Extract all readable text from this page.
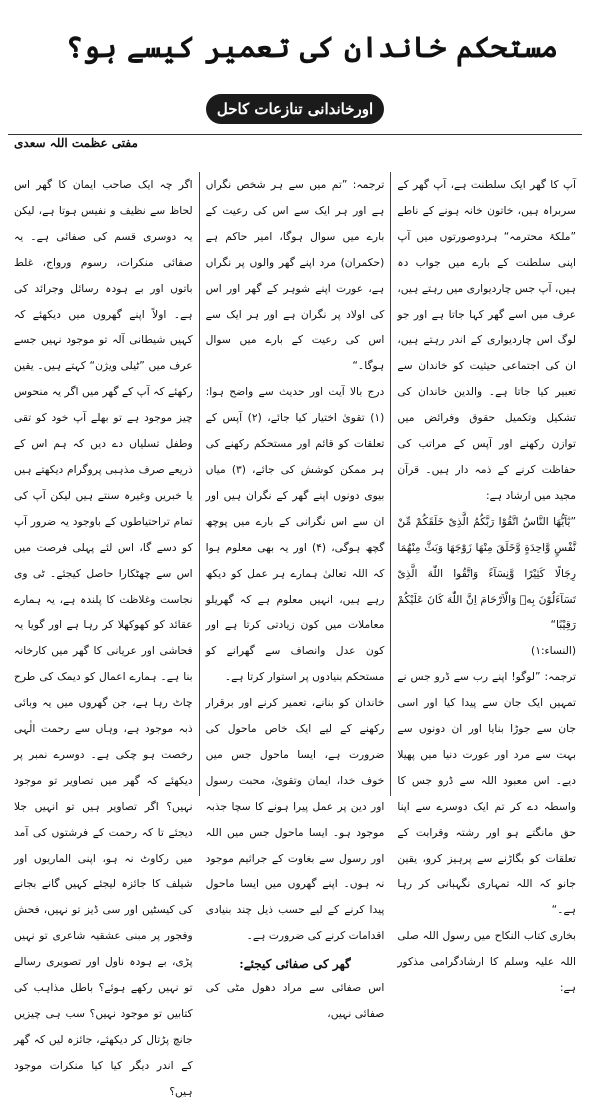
مستحکم خاندان کی تعمیر کیسے ہو؟
اورخاندانی تنازعات کاحل
مفتی عظمت اللہ سعدی

آپ کا گھر ایک سلطنت ہے، آپ گھر کے سربراہ ہیں، خاتون خانہ ہونے کے ناطے ”ملکۂ محترمہ“ ہردوصورتوں میں آپ اپنی سلطنت کے بارے میں جواب دہ ہیں، آپ جس چاردیواری میں رہتے ہیں، عرف میں اسے گھر کہا جاتا ہے اور جو لوگ اس چاردیواری کے اندر رہتے ہیں، ان کی اجتماعی حیثیت کو خاندان سے تعبیر کیا جاتا ہے۔ والدین خاندان کی تشکیل وتکمیل حقوق وفرائض میں توازن رکھنے اور آپس کے مراتب کی حفاظت کرنے کے ذمہ دار ہیں۔ قرآن مجید میں ارشاد ہے:

”یٰٓاَیُّهَا النَّاسُ اتَّقُوْا رَبَّكُمُ الَّذِیْ خَلَقَكُمْ مِّنْ نَّفْسٍ وَّاحِدَةٍ وَّخَلَقَ مِنْهَا زَوْجَهَا وَبَثَّ مِنْهُمَا رِجَالًا كَثِیْرًا وَّنِسَآءً وَاتَّقُوا اللّٰهَ الَّذِیْ تَسَآءَلُوْنَ بِهٖ وَالْاَرْحَامَ اِنَّ اللّٰهَ كَانَ عَلَیْكُمْ رَقِیْبًا“

(النساء:۱)

ترجمہ: ”لوگو! اپنے رب سے ڈرو جس نے تمہیں ایک جان سے پیدا کیا اور اسی جان سے جوڑا بنایا اور ان دونوں سے بہت سے مرد اور عورت دنیا میں پھیلا دیے۔ اس معبود اللہ سے ڈرو جس کا واسطہ دے کر تم ایک دوسرے سے اپنا حق مانگتے ہو اور رشتہ وقرابت کے تعلقات کو بگاڑنے سے پرہیز کرو، یقین جانو کہ اللہ تمہاری نگہبانی کر رہا ہے۔“

بخاری کتاب النکاح میں رسول اللہ صلی اللہ علیہ وسلم کا ارشادگرامی مذکور ہے:

ترجمہ: ”تم میں سے ہر شخص نگراں ہے اور ہر ایک سے اس کی رعیت کے بارے میں سوال ہوگا، امیر حاکم ہے (حکمران) مرد اپنے گھر والوں پر نگراں ہے، عورت اپنے شوہر کے گھر اور اس کی اولاد پر نگران ہے اور ہر ایک سے اس کی رعیت کے بارے میں سوال ہوگا۔“

درج بالا آیت اور حدیث سے واضح ہوا: (۱) تقویٰ اختیار کیا جائے، (۲) آپس کے تعلقات کو قائم اور مستحکم رکھنے کی ہر ممکن کوشش کی جائے، (۳) میاں بیوی دونوں اپنے گھر کے نگران ہیں اور ان سے اس نگرانی کے بارے میں پوچھ گچھ ہوگی، (۴) اور یہ بھی معلوم ہوا کہ اللہ تعالیٰ ہمارے ہر عمل کو دیکھ رہے ہیں، انہیں معلوم ہے کہ گھریلو معاملات میں کون زیادتی کرتا ہے اور کون عدل وانصاف سے گھرانے کو مستحکم بنیادوں پر استوار کرتا ہے۔

خاندان کو بنانے، تعمیر کرنے اور برقرار رکھنے کے لیے ایک خاص ماحول کی ضرورت ہے، ایسا ماحول جس میں خوف خدا، ایمان وتقویٰ، محبت رسول اور دین پر عمل پیرا ہونے کا سچا جذبہ موجود ہو۔ ایسا ماحول جس میں اللہ اور رسول سے بغاوت کے جراثیم موجود نہ ہوں۔ اپنے گھروں میں ایسا ماحول پیدا کرنے کے لیے حسب ذیل چند بنیادی اقدامات کرنے کی ضرورت ہے۔

گھر کی صفائی کیجئے:

اس صفائی سے مراد دھول مٹی کی صفائی نہیں،

اگر چہ ایک صاحب ایمان کا گھر اس لحاظ سے نظیف و نفیس ہوتا ہے، لیکن یہ دوسری قسم کی صفائی ہے۔ یہ صفائی منکرات، رسوم ورواج، غلط باتوں اور بے ہودہ رسائل وجرائد کی ہے۔ اولاً اپنے گھروں میں دیکھئے کہ کہیں شیطانی آلہ تو موجود نہیں جسے عرف میں ”ٹیلی ویژن“ کہتے ہیں۔ یقین رکھئے کہ آپ کے گھر میں اگر یہ منحوس چیز موجود ہے تو بھلے آپ خود کو تقی وطفل تسلیاں دے دیں کہ ہم اس کے ذریعے صرف مذہبی پروگرام دیکھتے ہیں یا خبریں وغیرہ سنتے ہیں لیکن آپ کی تمام تراحتیاطوں کے باوجود یہ ضرور آپ کو دسے گا، اس لئے پہلی فرصت میں اس سے چھٹکارا حاصل کیجئے۔ ٹی وی نجاست وغلاظت کا پلندہ ہے، یہ ہمارے عقائد کو کھوکھلا کر رہا ہے اور گویا یہ فحاشی اور عریانی کا گھر میں کارخانہ بنا ہے۔ ہمارے اعمال کو دیمک کی طرح چاٹ رہا ہے، جن گھروں میں یہ وبائی ذبہ موجود ہے، وہاں سے رحمت الٰہی رخصت ہو چکی ہے۔ دوسرے نمبر پر دیکھئے کہ گھر میں تصاویر تو موجود نہیں؟ اگر تصاویر ہیں تو انہیں جلا دیجئے تا کہ رحمت کے فرشتوں کی آمد میں رکاوٹ نہ ہو، اپنی الماریوں اور شیلف کا جائزہ لیجئے کہیں گانے بجانے کی کیسٹیں اور سی ڈیز تو نہیں، فحش وفجور پر مبنی عشقیہ شاعری تو نہیں پڑی، بے ہودہ ناول اور تصویری رسالے تو نہیں رکھے ہوئے؟ باطل مذاہب کی کتابیں تو موجود نہیں؟ سب ہی چیزیں جانچ پڑتال کر دیکھئے، جائزہ لیں کہ گھر کے اندر دیگر کیا کیا منکرات موجود ہیں؟
